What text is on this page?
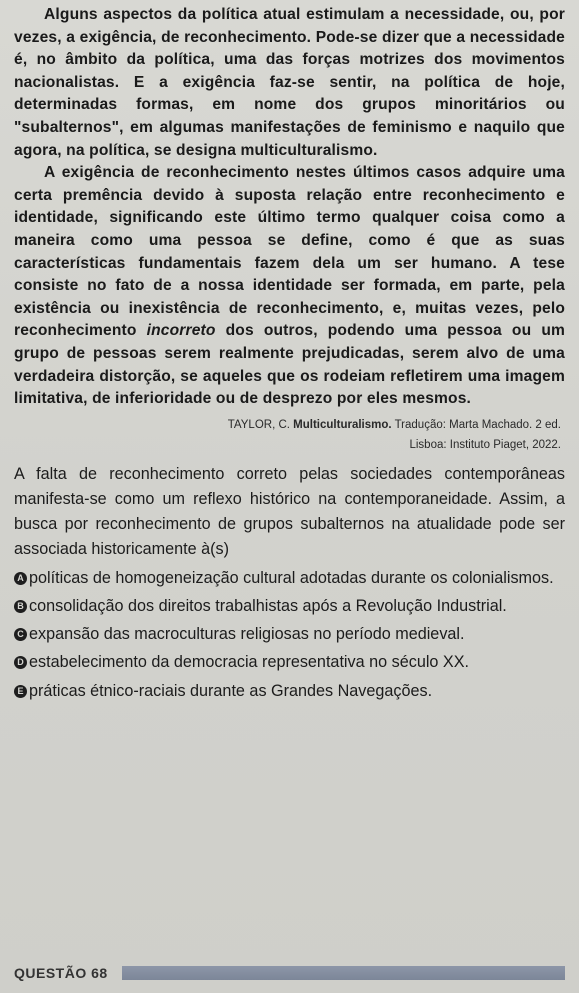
Alguns aspectos da política atual estimulam a necessidade, ou, por vezes, a exigência, de reconhecimento. Pode-se dizer que a necessidade é, no âmbito da política, uma das forças motrizes dos movimentos nacionalistas. E a exigência faz-se sentir, na política de hoje, determinadas formas, em nome dos grupos minoritários ou "subalternos", em algumas manifestações de feminismo e naquilo que agora, na política, se designa multiculturalismo.

A exigência de reconhecimento nestes últimos casos adquire uma certa premência devido à suposta relação entre reconhecimento e identidade, significando este último termo qualquer coisa como a maneira como uma pessoa se define, como é que as suas características fundamentais fazem dela um ser humano. A tese consiste no fato de a nossa identidade ser formada, em parte, pela existência ou inexistência de reconhecimento, e, muitas vezes, pelo reconhecimento incorreto dos outros, podendo uma pessoa ou um grupo de pessoas serem realmente prejudicadas, serem alvo de uma verdadeira distorção, se aqueles que os rodeiam refletirem uma imagem limitativa, de inferioridade ou de desprezo por eles mesmos.

TAYLOR, C. Multiculturalismo. Tradução: Marta Machado. 2 ed.
Lisboa: Instituto Piaget, 2022.
A falta de reconhecimento correto pelas sociedades contemporâneas manifesta-se como um reflexo histórico na contemporaneidade. Assim, a busca por reconhecimento de grupos subalternos na atualidade pode ser associada historicamente à(s)
A políticas de homogeneização cultural adotadas durante os colonialismos.
B consolidação dos direitos trabalhistas após a Revolução Industrial.
C expansão das macroculturas religiosas no período medieval.
D estabelecimento da democracia representativa no século XX.
E práticas étnico-raciais durante as Grandes Navegações.
QUESTÃO 68
